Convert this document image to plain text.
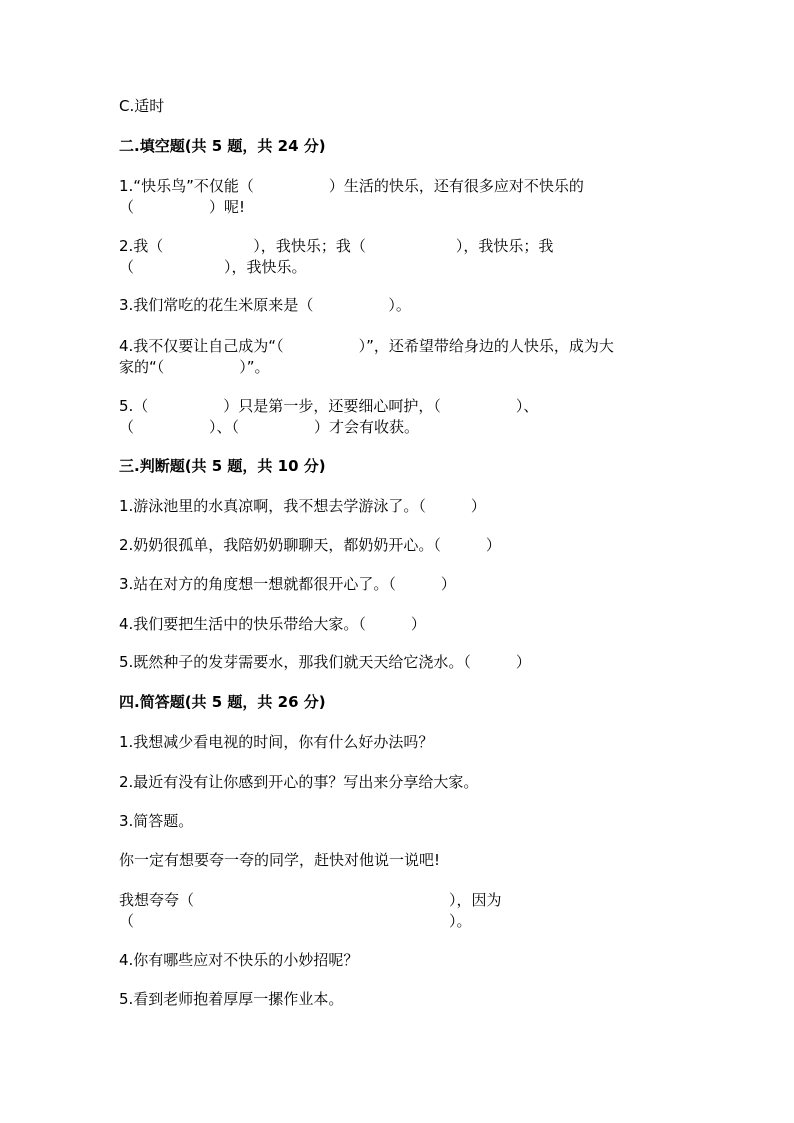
C.适时
二.填空题(共 5 题，共 24 分)
1.“快乐鸟”不仅能（　　　　　）生活的快乐，还有很多应对不快乐的
（　　　　　）呢!
2.我（　　　　　　），我快乐；我（　　　　　　），我快乐；我
（　　　　　　），我快乐。
3.我们常吃的花生米原来是（　　　　　）。
4.我不仅要让自己成为“（　　　　　）”，还希望带给身边的人快乐，成为大
家的“（　　　　　）”。
5.（　　　　　）只是第一步，还要细心呵护，（　　　　　）、
（　　　　　）、（　　　　　）才会有收获。
三.判断题(共 5 题，共 10 分)
1.游泳池里的水真凉啊，我不想去学游泳了。（　　　）
2.奶奶很孤单，我陪奶奶聊聊天，都奶奶开心。（　　　）
3.站在对方的角度想一想就都很开心了。（　　　）
4.我们要把生活中的快乐带给大家。（　　　）
5.既然种子的发芽需要水，那我们就天天给它浇水。（　　　）
四.简答题(共 5 题，共 26 分)
1.我想减少看电视的时间，你有什么好办法吗？
2.最近有没有让你感到开心的事？写出来分享给大家。
3.简答题。
你一定有想要夸一夸的同学，赶快对他说一说吧!
我想夸夸（　　　　　　　　　　　　　　　　　），因为
（　　　　　　　　　　　　　　　　　　　　　）。
4.你有哪些应对不快乐的小妙招呢？
5.看到老师抱着厚厚一摞作业本。
